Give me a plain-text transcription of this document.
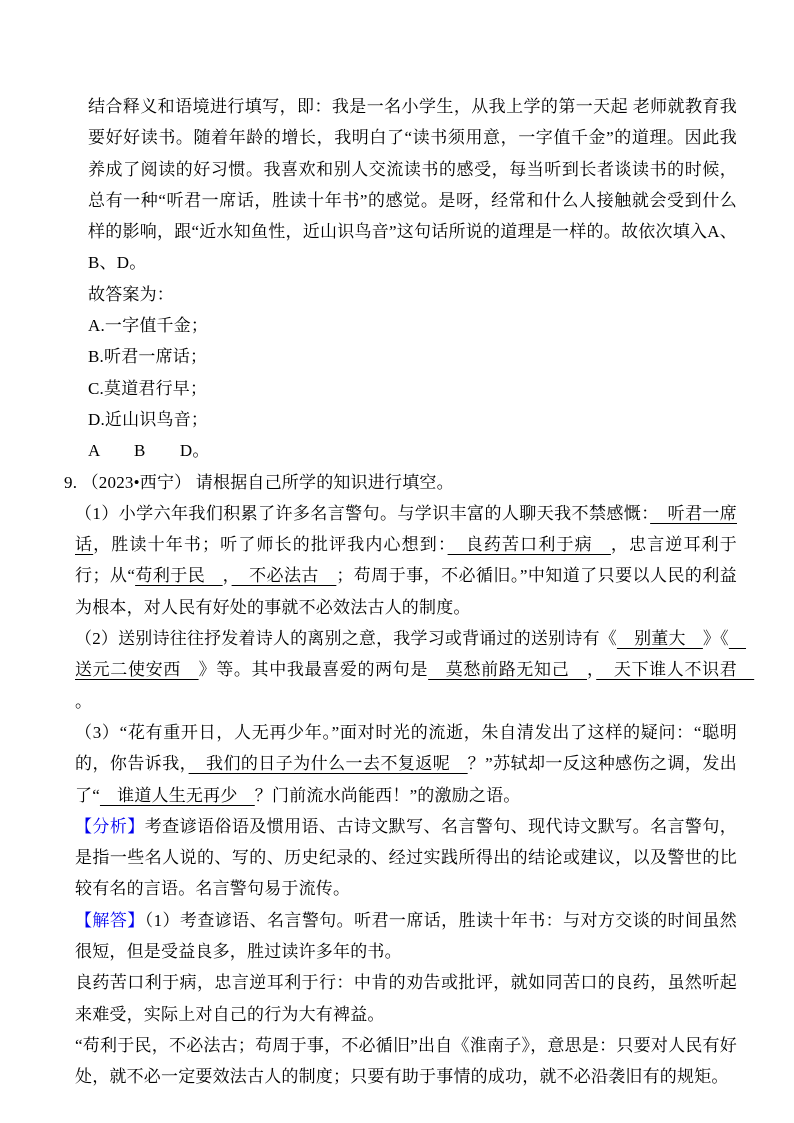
结合释义和语境进行填写，即：我是一名小学生，从我上学的第一天起 老师就教育我要好好读书。随着年龄的增长，我明白了“读书须用意，一字值千金”的道理。因此我养成了阅读的好习惯。我喜欢和别人交流读书的感受，每当听到长者谈读书的时候，总有一种“听君一席话，胜读十年书”的感觉。是呀，经常和什么人接触就会受到什么样的影响，跟“近水知鱼性，近山识鸟音”这句话所说的道理是一样的。故依次填入A、B、D。

故答案为：

A.一字值千金；

B.听君一席话；

C.莫道君行早；

D.近山识鸟音；

A　　B　　D。

9. （2023•西宁） 请根据自己所学的知识进行填空。

（1）小学六年我们积累了许多名言警句。与学识丰富的人聊天我不禁感慨：　听君一席话，胜读十年书；听了师长的批评我内心想到：　良药苦口利于病　，忠言逆耳利于行；从“苟利于民　，　不必法古　；苟周于事，不必循旧。”中知道了只要以人民的利益为根本，对人民有好处的事就不必效法古人的制度。

（2）送别诗往往抒发着诗人的离别之意，我学习或背诵过的送别诗有《　别董大　》《　送元二使安西　》等。其中我最喜爱的两句是　莫愁前路无知己　，　天下谁人不识君　。

（3）“花有重开日，人无再少年。”面对时光的流逝，朱自清发出了这样的疑问：“聪明的，你告诉我，　我们的日子为什么一去不复返呢　？”苏轼却一反这种感伤之调，发出了“　谁道人生无再少　？门前流水尚能西！”的激励之语。

【分析】考查谚语俗语及惯用语、古诗文默写、名言警句、现代诗文默写。名言警句，是指一些名人说的、写的、历史纪录的、经过实践所得出的结论或建议，以及警世的比较有名的言语。名言警句易于流传。

【解答】（1）考查谚语、名言警句。听君一席话，胜读十年书：与对方交谈的时间虽然很短，但是受益良多，胜过读许多年的书。

良药苦口利于病，忠言逆耳利于行：中肯的劝告或批评，就如同苦口的良药，虽然听起来难受，实际上对自己的行为大有裨益。

“苟利于民，不必法古；苟周于事，不必循旧”出自《淮南子》，意思是：只要对人民有好处，就不必一定要效法古人的制度；只要有助于事情的成功，就不必沿袭旧有的规矩。
